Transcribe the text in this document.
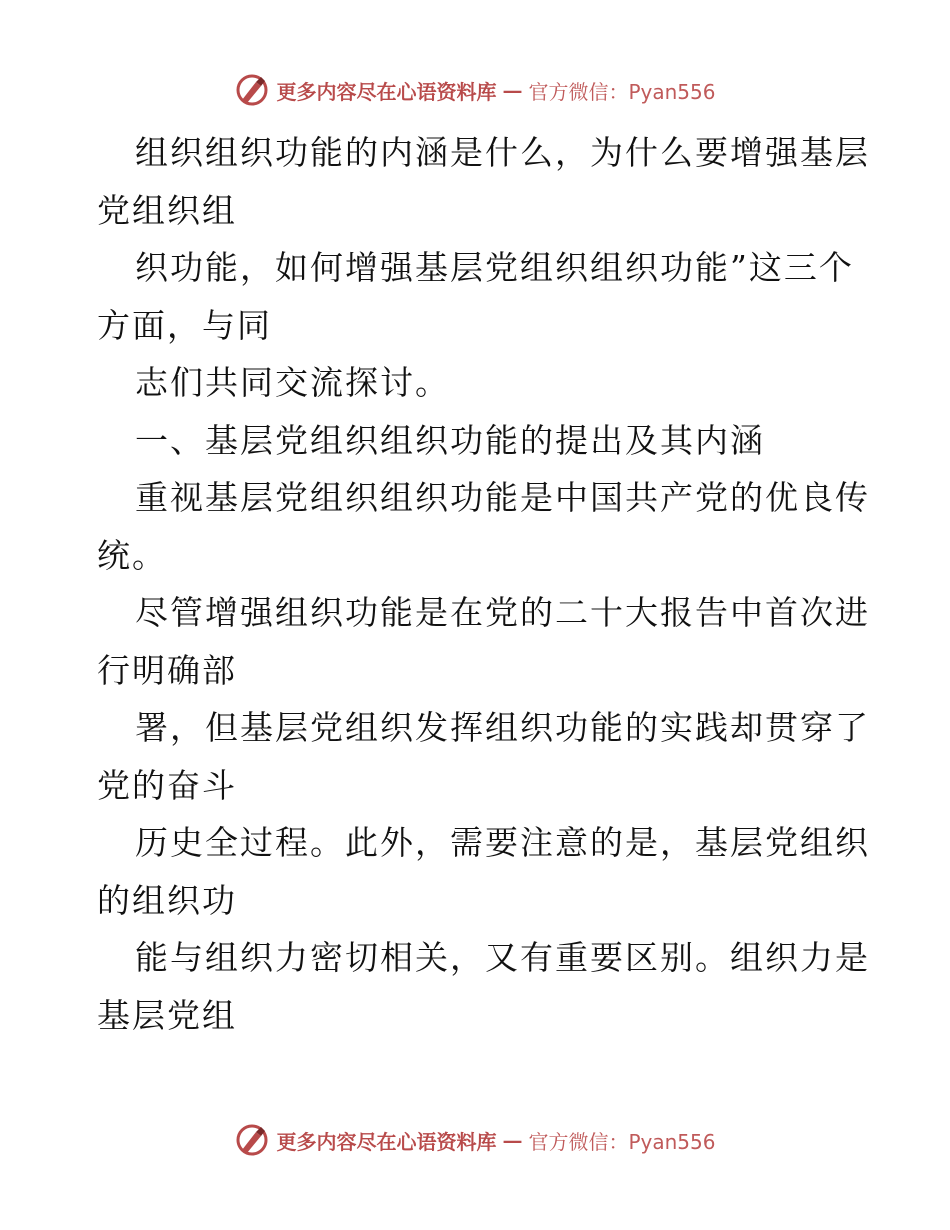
更多内容尽在心语资料库 — 官方微信：Pyan556
组织组织功能的内涵是什么，为什么要增强基层
党组织组
织功能，如何增强基层党组织组织功能”这三个
方面，与同
志们共同交流探讨。
一、基层党组织组织功能的提出及其内涵
重视基层党组织组织功能是中国共产党的优良传
统。
尽管增强组织功能是在党的二十大报告中首次进
行明确部
署，但基层党组织发挥组织功能的实践却贯穿了
党的奋斗
历史全过程。此外，需要注意的是，基层党组织
的组织功
能与组织力密切相关，又有重要区别。组织力是
基层党组
更多内容尽在心语资料库 — 官方微信：Pyan556
